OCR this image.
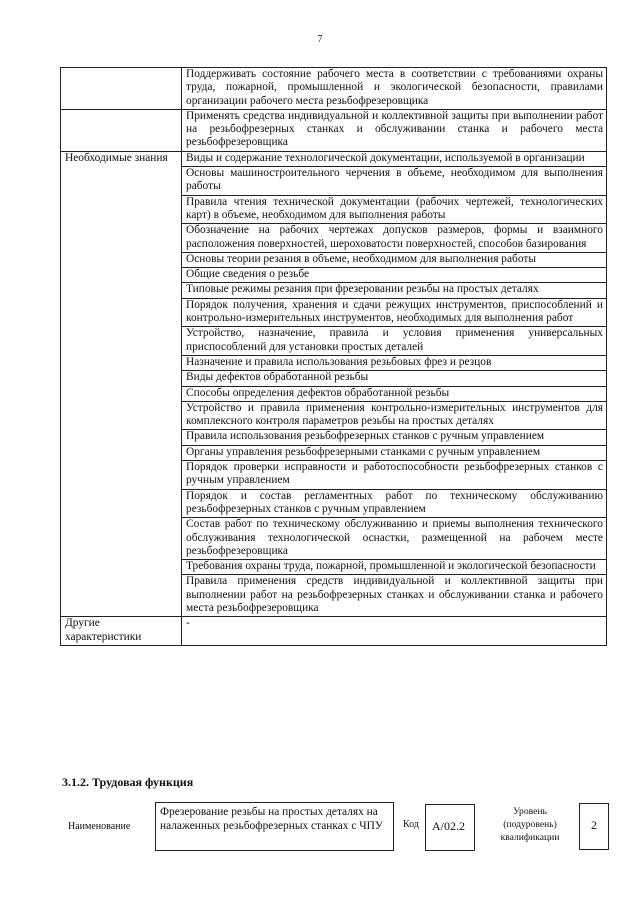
7
	Поддерживать состояние рабочего места в соответствии с требованиями охраны труда, пожарной, промышленной и экологической безопасности, правилами организации рабочего места резьбофрезеровщика
	Применять средства индивидуальной и коллективной защиты при выполнении работ на резьбофрезерных станках и обслуживании станка и рабочего места резьбофрезеровщика
Необходимые знания	Виды и содержание технологической документации, используемой в организации
	Основы машиностроительного черчения в объеме, необходимом для выполнения работы
	Правила чтения технической документации (рабочих чертежей, технологических карт) в объеме, необходимом для выполнения работы
	Обозначение на рабочих чертежах допусков размеров, формы и взаимного расположения поверхностей, шероховатости поверхностей, способов базирования
	Основы теории резания в объеме, необходимом для выполнения работы
	Общие сведения о резьбе
	Типовые режимы резания при фрезеровании резьбы на простых деталях
	Порядок получения, хранения и сдачи режущих инструментов, приспособлений и контрольно-измерительных инструментов, необходимых для выполнения работ
	Устройство, назначение, правила и условия применения универсальных приспособлений для установки простых деталей
	Назначение и правила использования резьбовых фрез и резцов
	Виды дефектов обработанной резьбы
	Способы определения дефектов обработанной резьбы
	Устройство и правила применения контрольно-измерительных инструментов для комплексного контроля параметров резьбы на простых деталях
	Правила использования резьбофрезерных станков с ручным управлением
	Органы управления резьбофрезерными станками с ручным управлением
	Порядок проверки исправности и работоспособности резьбофрезерных станков с ручным управлением
	Порядок и состав регламентных работ по техническому обслуживанию резьбофрезерных станков с ручным управлением
	Состав работ по техническому обслуживанию и приемы выполнения технического обслуживания технологической оснастки, размещенной на рабочем месте резьбофрезеровщика
	Требования охраны труда, пожарной, промышленной и экологической безопасности
	Правила применения средств индивидуальной и коллективной защиты при выполнении работ на резьбофрезерных станках и обслуживании станка и рабочего места резьбофрезеровщика
Другие характеристики	-
3.1.2. Трудовая функция
Наименование
Фрезерование резьбы на простых деталях на налаженных резьбофрезерных станках с ЧПУ	Код	А/02.2
Уровень (подуровень) квалификации
2
